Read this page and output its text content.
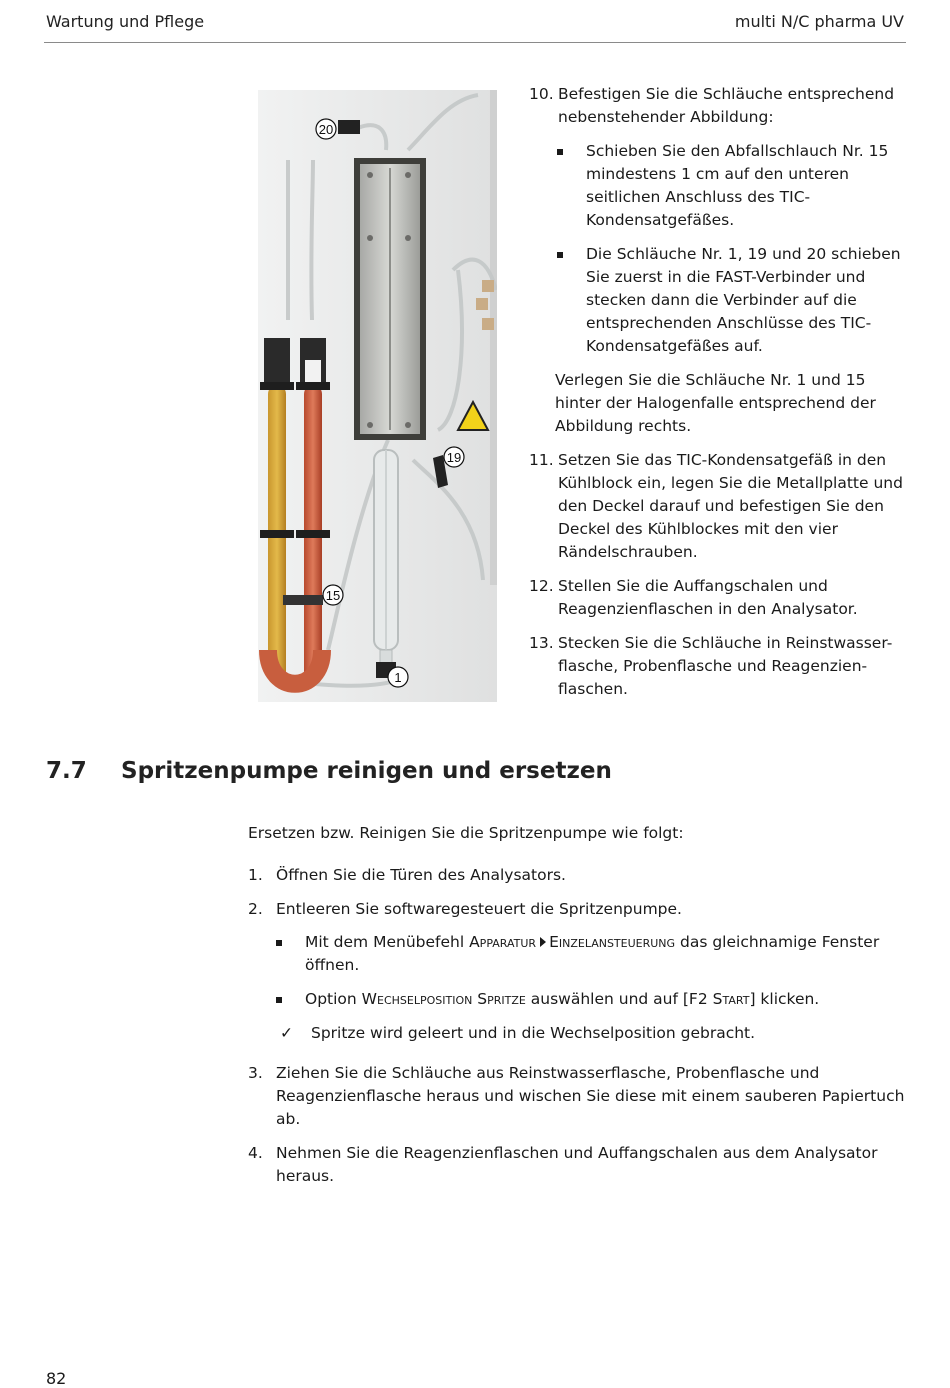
Wartung und Pflege	multi N/C pharma UV
20
19
15
1
10. Befestigen Sie die Schläuche entsprechend
nebenstehender Abbildung:
Schieben Sie den Abfallschlauch Nr. 15
mindestens 1 cm auf den unteren
seitlichen Anschluss des TIC-
Kondensatgefäßes.
Die Schläuche Nr. 1, 19 und 20 schieben
Sie zuerst in die FAST-Verbinder und
stecken dann die Verbinder auf die
entsprechenden Anschlüsse des TIC-
Kondensatgefäßes auf.
Verlegen Sie die Schläuche Nr. 1 und 15
hinter der Halogenfalle entsprechend der
Abbildung rechts.
11. Setzen Sie das TIC-Kondensatgefäß in den
Kühlblock ein, legen Sie die Metallplatte und
den Deckel darauf und befestigen Sie den
Deckel des Kühlblockes mit den vier
Rändelschrauben.
12. Stellen Sie die Auffangschalen und
Reagenzienflaschen in den Analysator.
13. Stecken Sie die Schläuche in Reinstwasser-
flasche, Probenflasche und Reagenzien-
flaschen.
7.7 Spritzenpumpe reinigen und ersetzen
Ersetzen bzw. Reinigen Sie die Spritzenpumpe wie folgt:
1. Öffnen Sie die Türen des Analysators.
2. Entleeren Sie softwaregesteuert die Spritzenpumpe.
Mit dem Menübefehl Apparatur Einzelansteuerung das gleichnamige Fenster
öffnen.
Option Wechselposition Spritze auswählen und auf [F2 Start] klicken.
✓ Spritze wird geleert und in die Wechselposition gebracht.
3. Ziehen Sie die Schläuche aus Reinstwasserflasche, Probenflasche und
Reagenzienflasche heraus und wischen Sie diese mit einem sauberen Papiertuch
ab.
4. Nehmen Sie die Reagenzienflaschen und Auffangschalen aus dem Analysator
heraus.
82
